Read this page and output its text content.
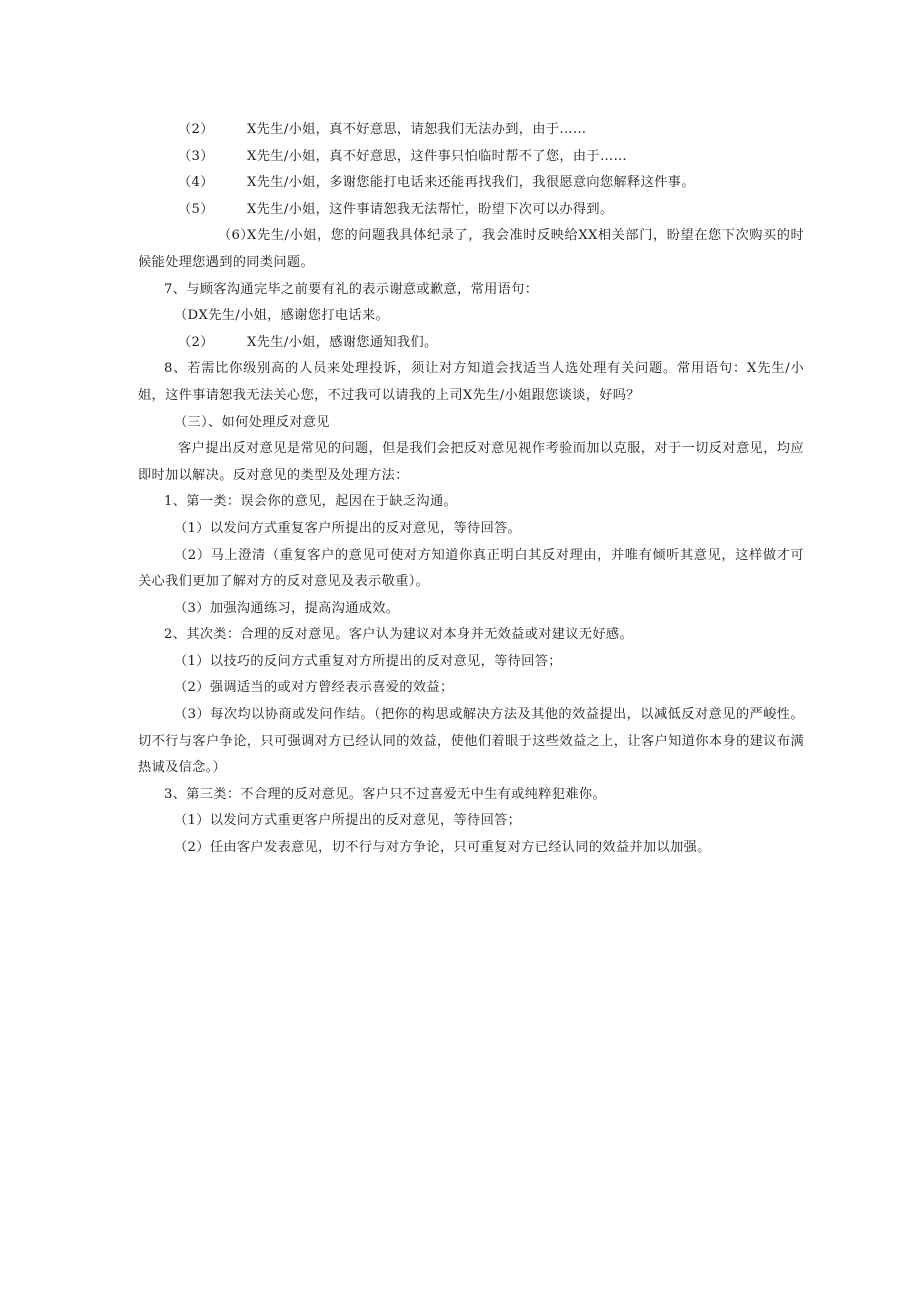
（2）	X先生/小姐，真不好意思，请恕我们无法办到，由于……
（3）	X先生/小姐，真不好意思，这件事只怕临时帮不了您，由于……
（4）	X先生/小姐，多谢您能打电话来还能再找我们，我很愿意向您解释这件事。
（5）	X先生/小姐，这件事请恕我无法帮忙，盼望下次可以办得到。
（6）X先生/小姐，您的问题我具体纪录了，我会准时反映给XX相关部门，盼望在您下次购买的时候能处理您遇到的同类问题。
7、与顾客沟通完毕之前要有礼的表示谢意或歉意，常用语句：
（DX先生/小姐，感谢您打电话来。
（2）	X先生/小姐，感谢您通知我们。
8、若需比你级别高的人员来处理投诉，须让对方知道会找适当人选处理有关问题。常用语句：X先生/小姐，这件事请恕我无法关心您，不过我可以请我的上司X先生/小姐跟您谈谈，好吗？
（三）、如何处理反对意见
客户提出反对意见是常见的问题，但是我们会把反对意见视作考验而加以克服，对于一切反对意见，均应即时加以解决。反对意见的类型及处理方法：
1、第一类：误会你的意见，起因在于缺乏沟通。
（1）以发问方式重复客户所提出的反对意见，等待回答。
（2）马上澄清（重复客户的意见可使对方知道你真正明白其反对理由，并唯有倾听其意见，这样做才可关心我们更加了解对方的反对意见及表示敬重）。
（3）加强沟通练习，提高沟通成效。
2、其次类：合理的反对意见。客户认为建议对本身并无效益或对建议无好感。
（1）以技巧的反问方式重复对方所提出的反对意见，等待回答；
（2）强调适当的或对方曾经表示喜爱的效益；
（3）每次均以协商或发问作结。（把你的构思或解决方法及其他的效益提出，以减低反对意见的严峻性。切不行与客户争论，只可强调对方已经认同的效益，使他们着眼于这些效益之上，让客户知道你本身的建议布满热诚及信念。）
3、第三类：不合理的反对意见。客户只不过喜爱无中生有或纯粹犯难你。
（1）以发问方式重更客户所提出的反对意见，等待回答；
（2）任由客户发表意见，切不行与对方争论，只可重复对方已经认同的效益并加以加强。
